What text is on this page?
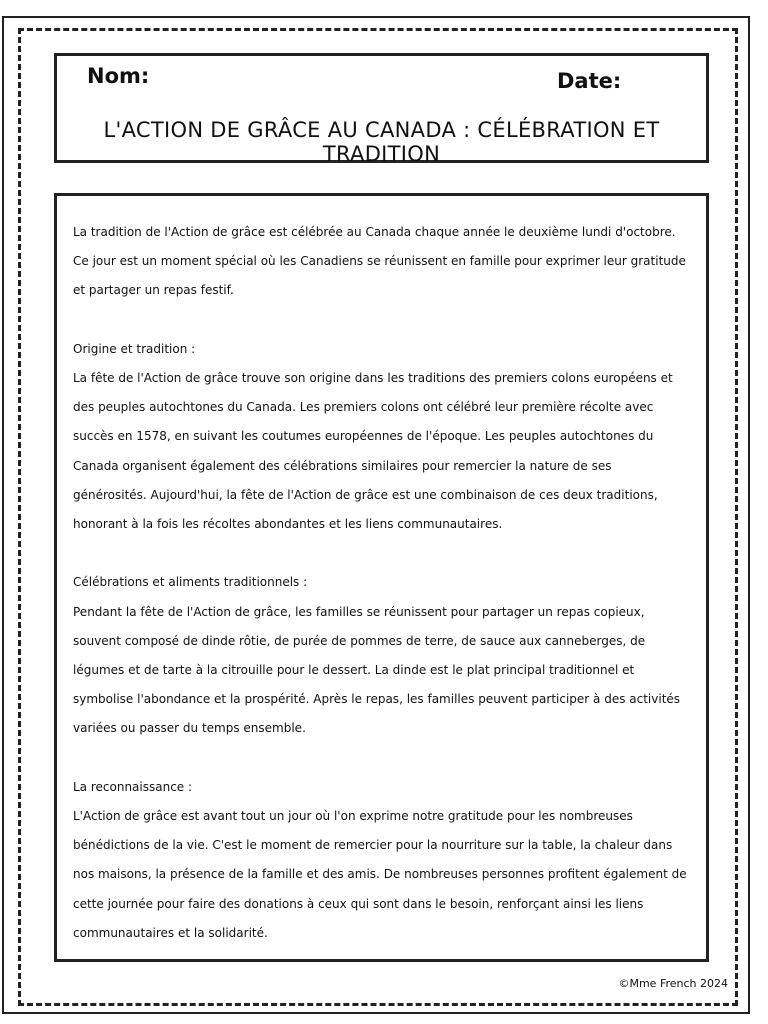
Nom:	Date:
L'ACTION DE GRÂCE AU CANADA : CÉLÉBRATION ET TRADITION

La tradition de l'Action de grâce est célébrée au Canada chaque année le deuxième lundi d'octobre. Ce jour est un moment spécial où les Canadiens se réunissent en famille pour exprimer leur gratitude et partager un repas festif.

Origine et tradition :

La fête de l'Action de grâce trouve son origine dans les traditions des premiers colons européens et des peuples autochtones du Canada. Les premiers colons ont célébré leur première récolte avec succès en 1578, en suivant les coutumes européennes de l'époque. Les peuples autochtones du Canada organisent également des célébrations similaires pour remercier la nature de ses générosités. Aujourd'hui, la fête de l'Action de grâce est une combinaison de ces deux traditions, honorant à la fois les récoltes abondantes et les liens communautaires.

Célébrations et aliments traditionnels :

Pendant la fête de l'Action de grâce, les familles se réunissent pour partager un repas copieux, souvent composé de dinde rôtie, de purée de pommes de terre, de sauce aux canneberges, de légumes et de tarte à la citrouille pour le dessert. La dinde est le plat principal traditionnel et symbolise l'abondance et la prospérité. Après le repas, les familles peuvent participer à des activités variées ou passer du temps ensemble.

La reconnaissance :

L'Action de grâce est avant tout un jour où l'on exprime notre gratitude pour les nombreuses bénédictions de la vie. C'est le moment de remercier pour la nourriture sur la table, la chaleur dans nos maisons, la présence de la famille et des amis. De nombreuses personnes profitent également de cette journée pour faire des donations à ceux qui sont dans le besoin, renforçant ainsi les liens communautaires et la solidarité.

©Mme French 2024
